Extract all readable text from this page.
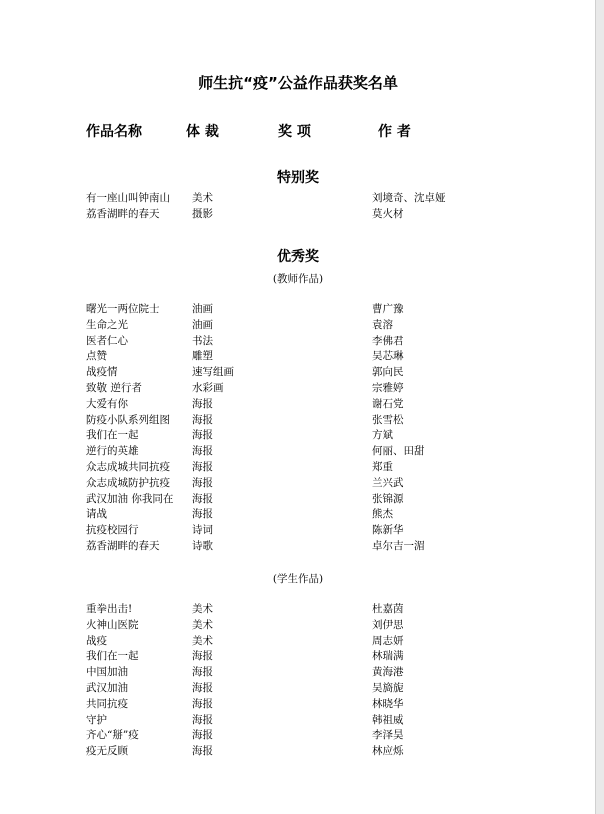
师生抗“疫”公益作品获奖名单
作品名称	体 裁	奖 项	作 者
特别奖
有一座山叫钟南山 美术	刘境奇、沈卓娅
荔香湖畔的春天	摄影	莫火材
优秀奖
(教师作品)
曙光一两位院士	油画	曹广豫
生命之光	油画	袁溶
医者仁心	书法	李佛君
点赞	雕塑	吴芯琳
战疫情	速写组画	郭向民
致敬 逆行者	水彩画	宗雅婷
大爱有你	海报	谢石党
防疫小队系列组图 海报	张雪松
我们在一起	海报	方斌
逆行的英雄	海报	何丽、田甜
众志成城共同抗疫 海报	郑重
众志成城防护抗疫 海报	兰兴武
武汉加油 你我同在 海报	张锦源
请战	海报	熊杰
抗疫校园行	诗词	陈新华
荔香湖畔的春天	诗歌	卓尔吉一湄
(学生作品)
重拳出击!	美术	杜嘉茵
火神山医院	美术	刘伊思
战疫	美术	周志妍
我们在一起	海报	林瑞满
中国加油	海报	黄海港
武汉加油	海报	吴旖旎
共同抗疫	海报	林晓华
守护	海报	韩祖威
齐心“掰”疫	海报	李泽昊
疫无反顾	海报	林应烁
